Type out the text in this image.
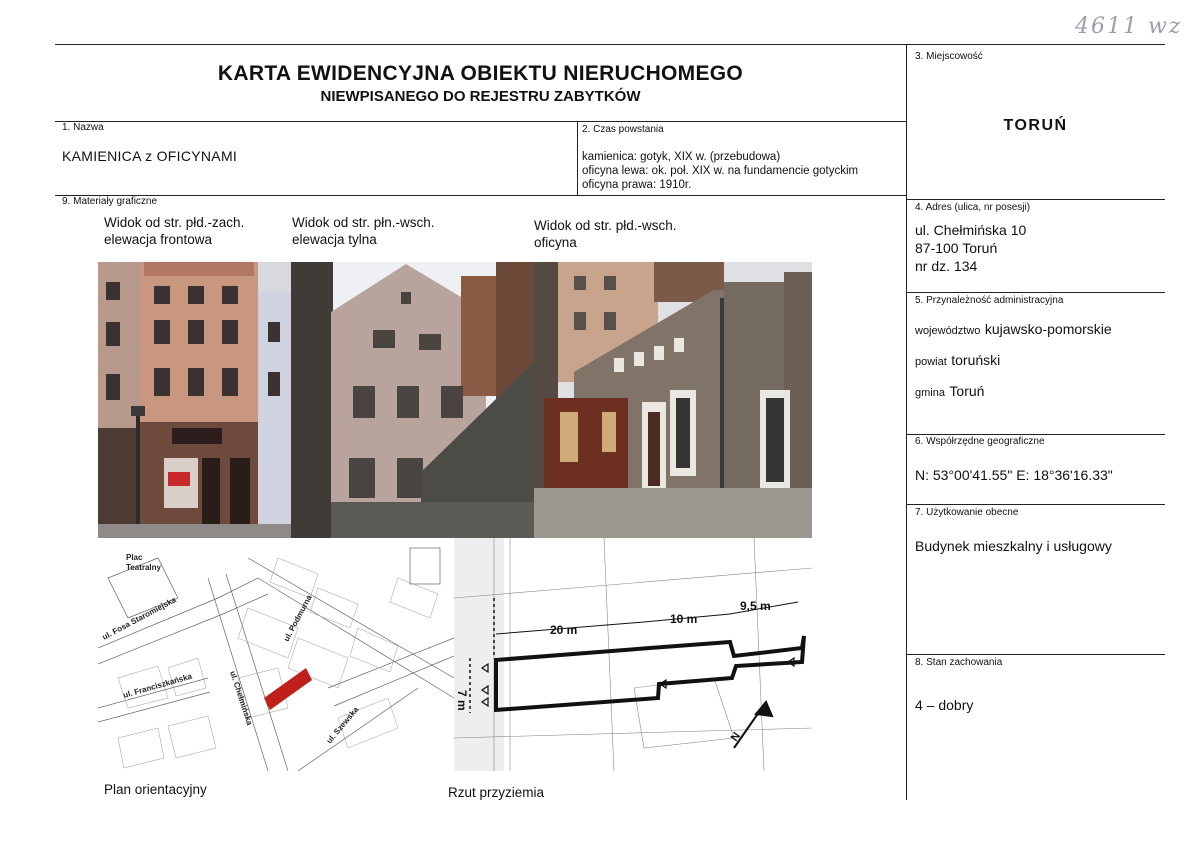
4611 wz
KARTA EWIDENCYJNA OBIEKTU NIERUCHOMEGO
NIEWPISANEGO DO REJESTRU ZABYTKÓW
1. Nazwa
KAMIENICA z OFICYNAMI
2. Czas powstania
kamienica: gotyk, XIX w. (przebudowa)
oficyna lewa: ok. poł. XIX w. na fundamencie gotyckim
oficyna prawa: 1910r.
3. Miejscowość
TORUŃ
4. Adres (ulica, nr posesji)
ul. Chełmińska 10
87-100 Toruń
nr dz. 134
5. Przynależność administracyjna
województwo kujawsko-pomorskie
powiat toruński
gmina Toruń
6. Współrzędne geograficzne
N: 53°00'41.55" E: 18°36'16.33"
7. Użytkowanie obecne
Budynek mieszkalny i usługowy
8. Stan zachowania
4 – dobry
9. Materiały graficzne
Widok od str. płd.-zach.
elewacja frontowa
Widok od str. płn.-wsch.
elewacja tylna
Widok od str. płd.-wsch.
oficyna
Plac
Teatralny
ul. Fosa Staromiejska
ul. Franciszkańska	ul. Chełmińska
ul. Podmurna
ul. Szewska
20 m
10 m
9,5 m
7 m
N
Plan orientacyjny	Rzut przyziemia
